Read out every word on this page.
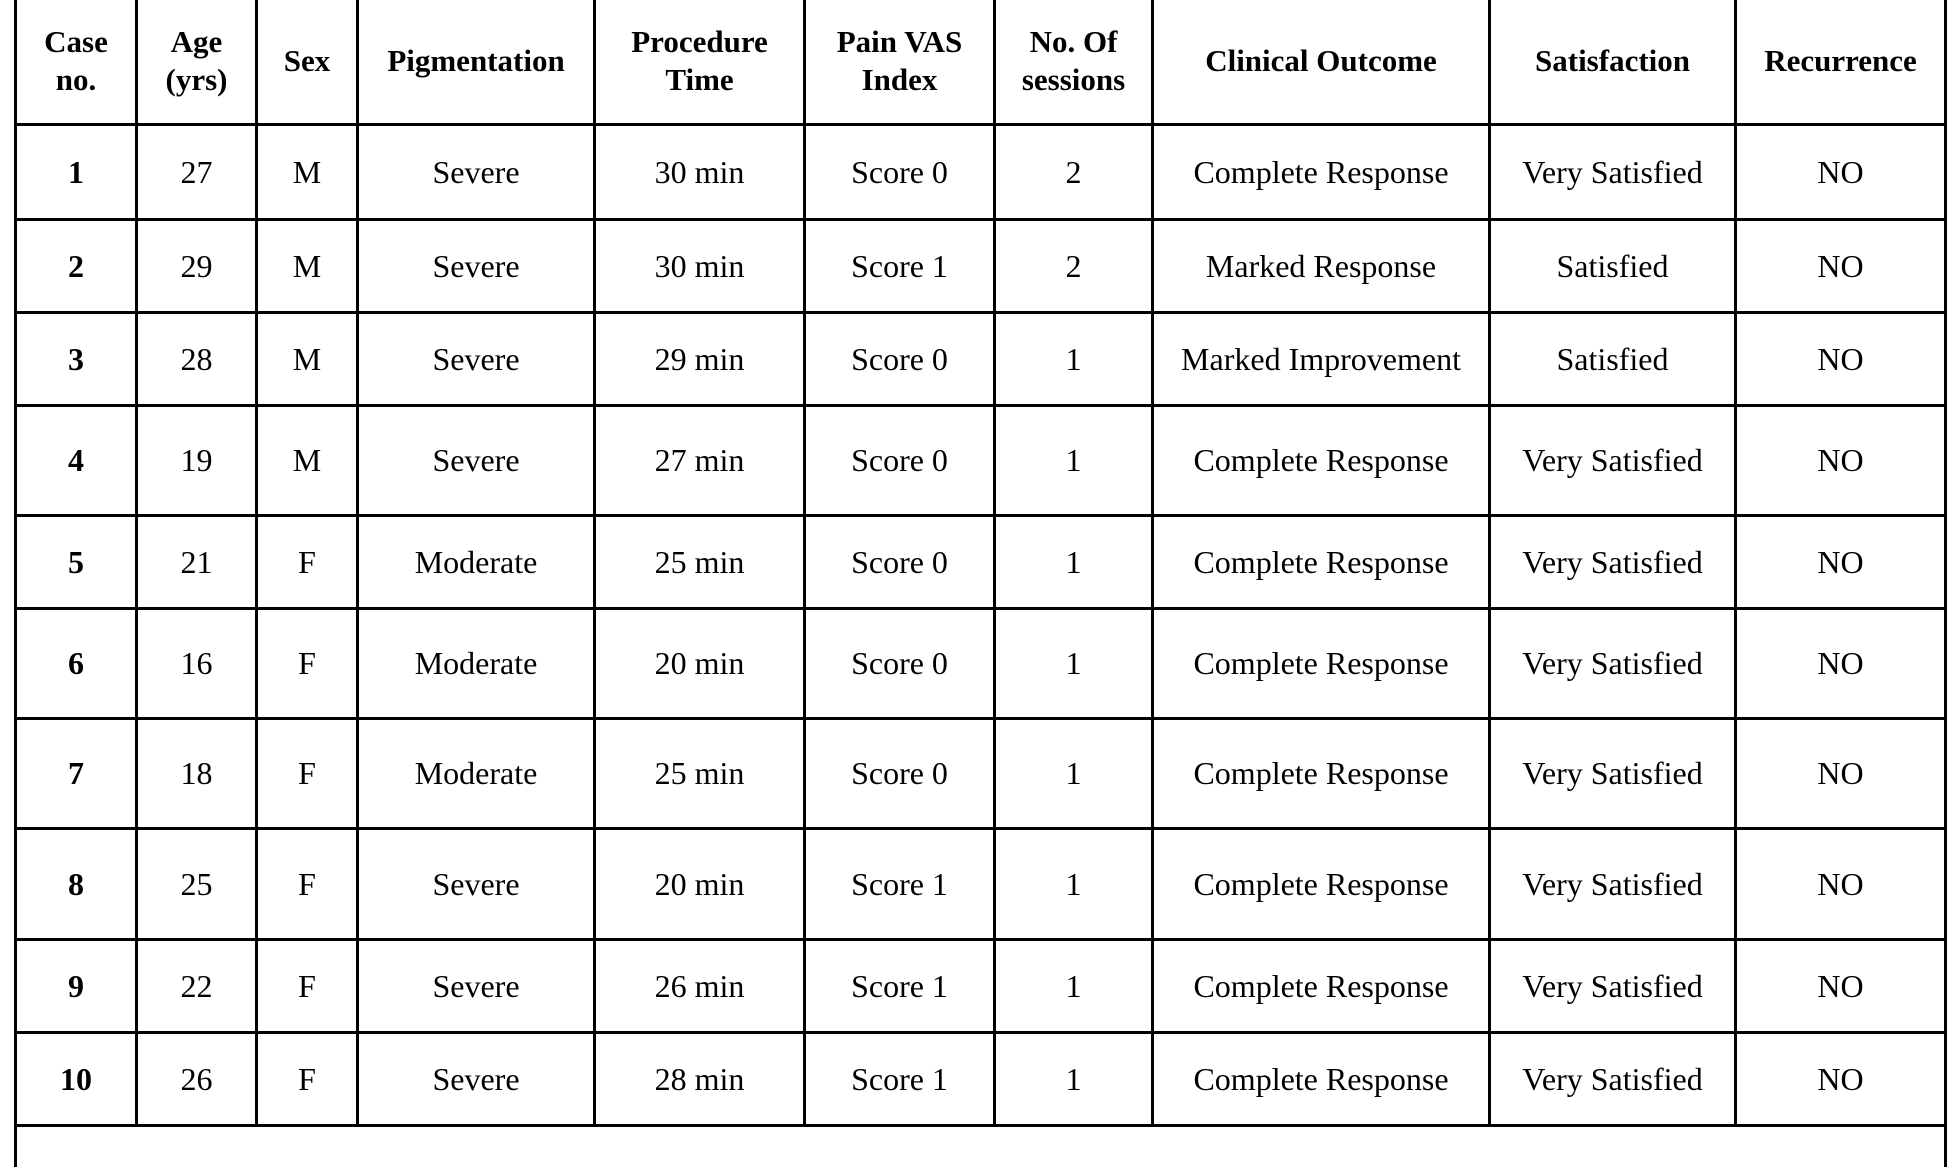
Case no.	Age (yrs)	Sex	Pigmentation	Procedure Time	Pain VAS Index	No. Of sessions	Clinical Outcome	Satisfaction	Recurrence
1	27	M	Severe	30 min	Score 0	2	Complete Response	Very Satisfied	NO
2	29	M	Severe	30 min	Score 1	2	Marked Response	Satisfied	NO
3	28	M	Severe	29 min	Score 0	1	Marked Improvement	Satisfied	NO
4	19	M	Severe	27 min	Score 0	1	Complete Response	Very Satisfied	NO
5	21	F	Moderate	25 min	Score 0	1	Complete Response	Very Satisfied	NO
6	16	F	Moderate	20 min	Score 0	1	Complete Response	Very Satisfied	NO
7	18	F	Moderate	25 min	Score 0	1	Complete Response	Very Satisfied	NO
8	25	F	Severe	20 min	Score 1	1	Complete Response	Very Satisfied	NO
9	22	F	Severe	26 min	Score 1	1	Complete Response	Very Satisfied	NO
10	26	F	Severe	28 min	Score 1	1	Complete Response	Very Satisfied	NO
